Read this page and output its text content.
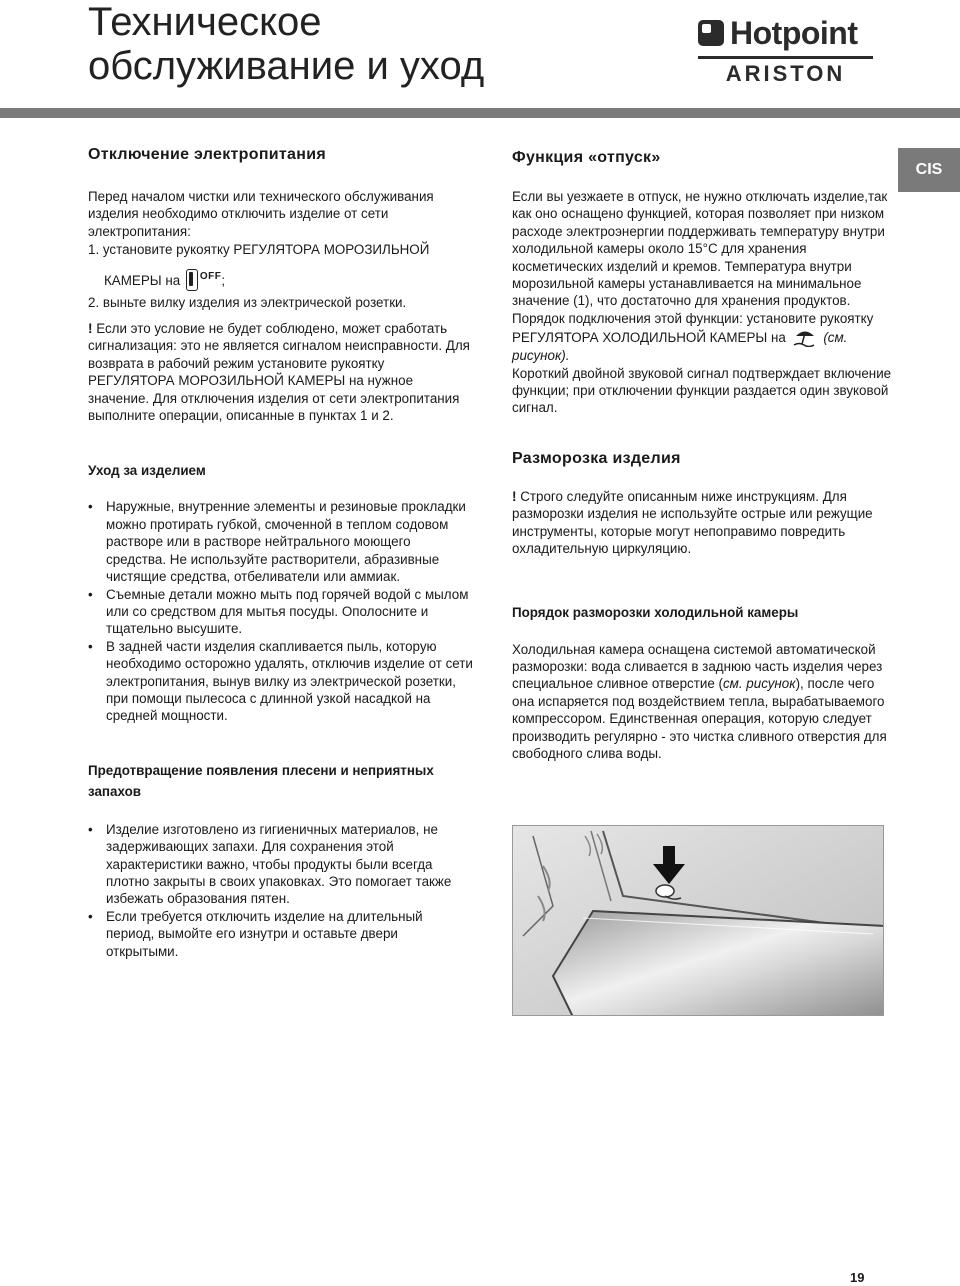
Техническое
обслуживание и уход
Hotpoint
ARISTON
CIS
Отключение электропитания

Перед началом чистки или технического обслуживания изделия необходимо отключить изделие от сети электропитания:

1. установите рукоятку РЕГУЛЯТОРА МОРОЗИЛЬНОЙ

КАМЕРЫ на $^{OFF}$;

2. выньте вилку изделия из электрической розетки.

! Если это условие не будет соблюдено, может сработать сигнализация: это не является сигналом неисправности. Для возврата в рабочий режим установите рукоятку РЕГУЛЯТОРА МОРОЗИЛЬНОЙ КАМЕРЫ на нужное значение. Для отключения изделия от сети электропитания выполните операции, описанные в пунктах 1 и 2.

Уход за изделием
• Наружные, внутренние элементы и резиновые прокладки можно протирать губкой, смоченной в теплом содовом растворе или в растворе нейтрального моющего средства. Не используйте растворители, абразивные чистящие средства, отбеливатели или аммиак.
• Съемные детали можно мыть под горячей водой с мылом или со средством для мытья посуды. Ополосните и тщательно высушите.
• В задней части изделия скапливается пыль, которую необходимо осторожно удалять, отключив изделие от сети электропитания, вынув вилку из электрической розетки, при помощи пылесоса с длинной узкой насадкой на средней мощности.
Предотвращение появления плесени и неприятных запахов
• Изделие изготовлено из гигиеничных материалов, не задерживающих запахи. Для сохранения этой характеристики важно, чтобы продукты были всегда плотно закрыты в своих упаковках. Это помогает также избежать образования пятен.
• Если требуется отключить изделие на длительный период, вымойте его изнутри и оставьте двери открытыми.
Функция «отпуск»

Если вы уезжаете в отпуск, не нужно отключать изделие,так как оно оснащено функцией, которая позволяет при низком расходе электроэнергии поддерживать температуру внутри холодильной камеры около 15°C для хранения косметических изделий и кремов. Температура внутри морозильной камеры устанавливается на минимальное значение (1), что достаточно для хранения продуктов. Порядок подключения этой функции: установите рукоятку РЕГУЛЯТОРА ХОЛОДИЛЬНОЙ КАМЕРЫ на	(см. рисунок).

Короткий двойной звуковой сигнал подтверждает включение функции; при отключении функции раздается один звуковой сигнал.

Разморозка изделия

! Строго следуйте описанным ниже инструкциям. Для разморозки изделия не используйте острые или режущие инструменты, которые могут непоправимо повредить охладительную циркуляцию.

Порядок разморозки холодильной камеры

Холодильная камера оснащена системой автоматической разморозки: вода сливается в заднюю часть изделия через специальное сливное отверстие (см. рисунок), после чего она испаряется под воздействием тепла, вырабатываемого компрессором. Единственная операция, которую следует производить регулярно - это чистка сливного отверстия для свободного слива воды.

19
